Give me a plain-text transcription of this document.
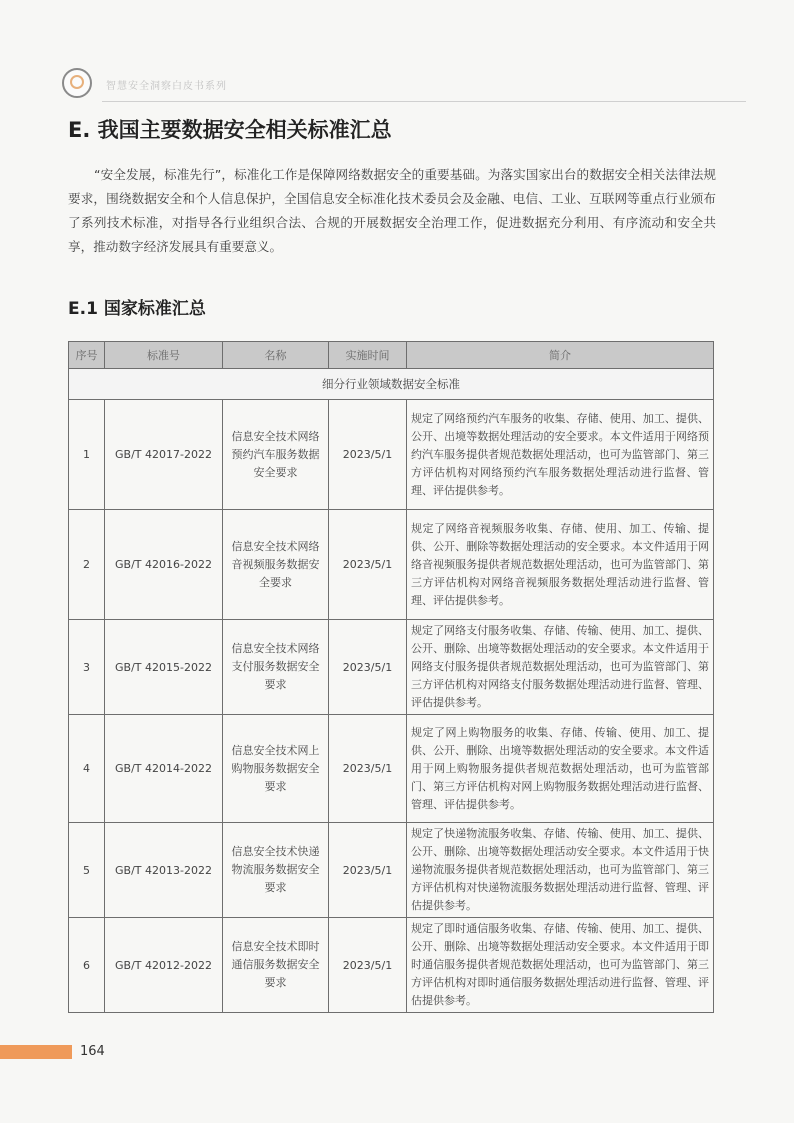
智慧安全洞察白皮书系列
E. 我国主要数据安全相关标准汇总

“安全发展，标准先行”，标准化工作是保障网络数据安全的重要基础。为落实国家出台的数据安全相关法律法规要求，围绕数据安全和个人信息保护，全国信息安全标准化技术委员会及金融、电信、工业、互联网等重点行业颁布了系列技术标准，对指导各行业组织合法、合规的开展数据安全治理工作，促进数据充分利用、有序流动和安全共享，推动数字经济发展具有重要意义。

E.1 国家标准汇总
序号	标准号	名称	实施时间	简介
细分行业领域数据安全标准				
1	GB/T 42017-2022	信息安全技术网络预约汽车服务数据安全要求	2023/5/1	规定了网络预约汽车服务的收集、存储、使用、加工、提供、公开、出境等数据处理活动的安全要求。本文件适用于网络预约汽车服务提供者规范数据处理活动，也可为监管部门、第三方评估机构对网络预约汽车服务数据处理活动进行监督、管理、评估提供参考。
2	GB/T 42016-2022	信息安全技术网络音视频服务数据安全要求	2023/5/1	规定了网络音视频服务收集、存储、使用、加工、传输、提供、公开、删除等数据处理活动的安全要求。本文件适用于网络音视频服务提供者规范数据处理活动，也可为监管部门、第三方评估机构对网络音视频服务数据处理活动进行监督、管理、评估提供参考。
3	GB/T 42015-2022	信息安全技术网络支付服务数据安全要求	2023/5/1	规定了网络支付服务收集、存储、传输、使用、加工、提供、公开、删除、出境等数据处理活动的安全要求。本文件适用于网络支付服务提供者规范数据处理活动，也可为监管部门、第三方评估机构对网络支付服务数据处理活动进行监督、管理、评估提供参考。
4	GB/T 42014-2022	信息安全技术网上购物服务数据安全要求	2023/5/1	规定了网上购物服务的收集、存储、传输、使用、加工、提供、公开、删除、出境等数据处理活动的安全要求。本文件适用于网上购物服务提供者规范数据处理活动，也可为监管部门、第三方评估机构对网上购物服务数据处理活动进行监督、管理、评估提供参考。
5	GB/T 42013-2022	信息安全技术快递物流服务数据安全要求	2023/5/1	规定了快递物流服务收集、存储、传输、使用、加工、提供、公开、删除、出境等数据处理活动安全要求。本文件适用于快递物流服务提供者规范数据处理活动，也可为监管部门、第三方评估机构对快递物流服务数据处理活动进行监督、管理、评估提供参考。
6	GB/T 42012-2022	信息安全技术即时通信服务数据安全要求	2023/5/1	规定了即时通信服务收集、存储、传输、使用、加工、提供、公开、删除、出境等数据处理活动安全要求。本文件适用于即时通信服务提供者规范数据处理活动，也可为监管部门、第三方评估机构对即时通信服务数据处理活动进行监督、管理、评估提供参考。
164
